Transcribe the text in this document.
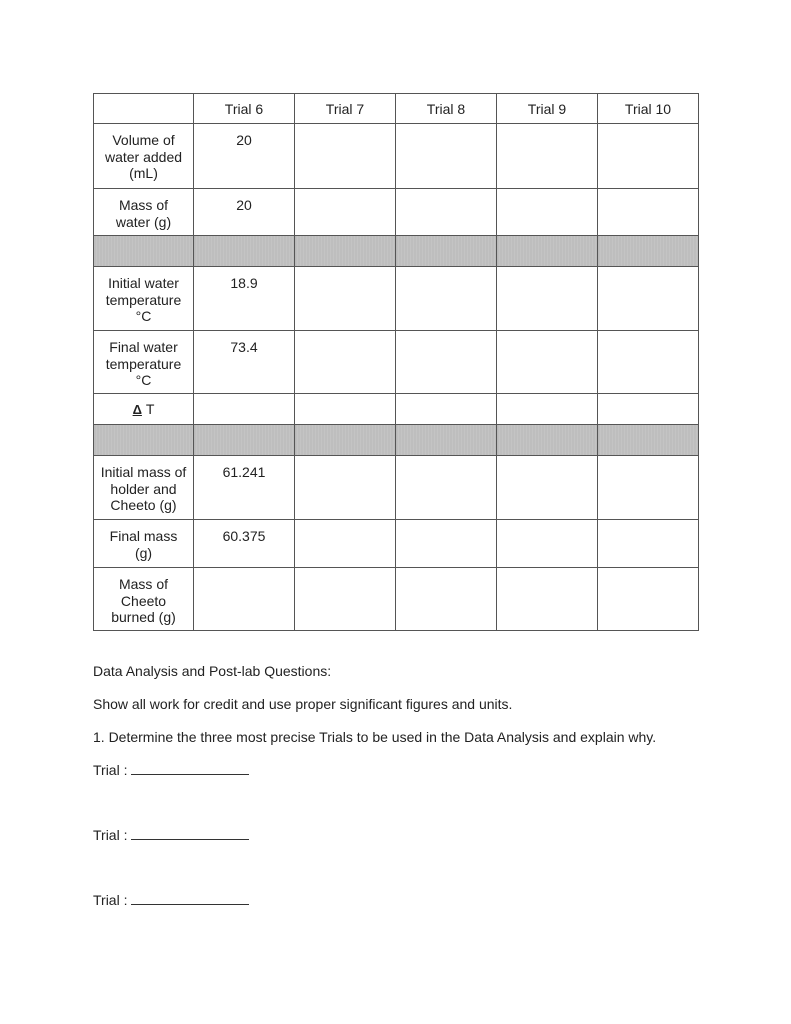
	Trial 6	Trial 7	Trial 8	Trial 9	Trial 10
Volume of
water added
(mL)	20				
Mass of
water (g)	20				

Initial water
temperature
°C	18.9				
Final water
temperature
°C	73.4				
Δ T					

Initial mass of
holder and
Cheeto (g)	61.241				
Final mass
(g)	60.375				
Mass of
Cheeto
burned (g)					
Data Analysis and Post-lab Questions:
Show all work for credit and use proper significant figures and units.
1. Determine the three most precise Trials to be used in the Data Analysis and explain why.
Trial :
Trial :
Trial :
